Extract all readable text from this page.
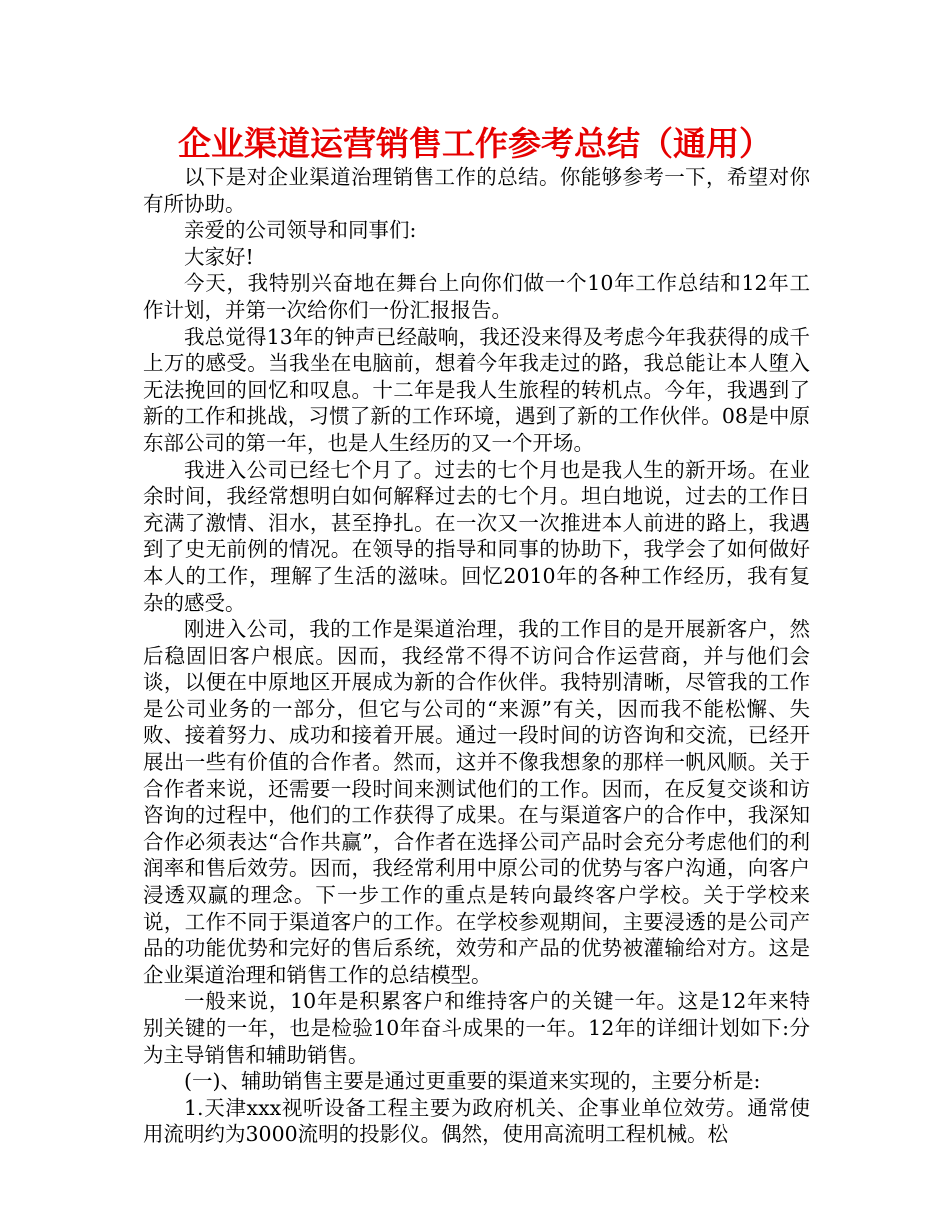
企业渠道运营销售工作参考总结（通用）

以下是对企业渠道治理销售工作的总结。你能够参考一下，希望对你有所协助。

亲爱的公司领导和同事们:

大家好!

今天，我特别兴奋地在舞台上向你们做一个10年工作总结和12年工作计划，并第一次给你们一份汇报报告。

我总觉得13年的钟声已经敲响，我还没来得及考虑今年我获得的成千上万的感受。当我坐在电脑前，想着今年我走过的路，我总能让本人堕入无法挽回的回忆和叹息。十二年是我人生旅程的转机点。今年，我遇到了新的工作和挑战，习惯了新的工作环境，遇到了新的工作伙伴。08是中原东部公司的第一年，也是人生经历的又一个开场。

我进入公司已经七个月了。过去的七个月也是我人生的新开场。在业余时间，我经常想明白如何解释过去的七个月。坦白地说，过去的工作日充满了激情、泪水，甚至挣扎。在一次又一次推进本人前进的路上，我遇到了史无前例的情况。在领导的指导和同事的协助下，我学会了如何做好本人的工作，理解了生活的滋味。回忆2010年的各种工作经历，我有复杂的感受。

刚进入公司，我的工作是渠道治理，我的工作目的是开展新客户，然后稳固旧客户根底。因而，我经常不得不访问合作运营商，并与他们会谈，以便在中原地区开展成为新的合作伙伴。我特别清晰，尽管我的工作是公司业务的一部分，但它与公司的“来源”有关，因而我不能松懈、失败、接着努力、成功和接着开展。通过一段时间的访咨询和交流，已经开展出一些有价值的合作者。然而，这并不像我想象的那样一帆风顺。关于合作者来说，还需要一段时间来测试他们的工作。因而，在反复交谈和访咨询的过程中，他们的工作获得了成果。在与渠道客户的合作中，我深知合作必须表达“合作共赢”，合作者在选择公司产品时会充分考虑他们的利润率和售后效劳。因而，我经常利用中原公司的优势与客户沟通，向客户浸透双赢的理念。下一步工作的重点是转向最终客户学校。关于学校来说，工作不同于渠道客户的工作。在学校参观期间，主要浸透的是公司产品的功能优势和完好的售后系统，效劳和产品的优势被灌输给对方。这是企业渠道治理和销售工作的总结模型。

一般来说，10年是积累客户和维持客户的关键一年。这是12年来特别关键的一年，也是检验10年奋斗成果的一年。12年的详细计划如下:分为主导销售和辅助销售。

(一)、辅助销售主要是通过更重要的渠道来实现的，主要分析是:

1.天津xxx视听设备工程主要为政府机关、企事业单位效劳。通常使用流明约为3000流明的投影仪。偶然，使用高流明工程机械。松
